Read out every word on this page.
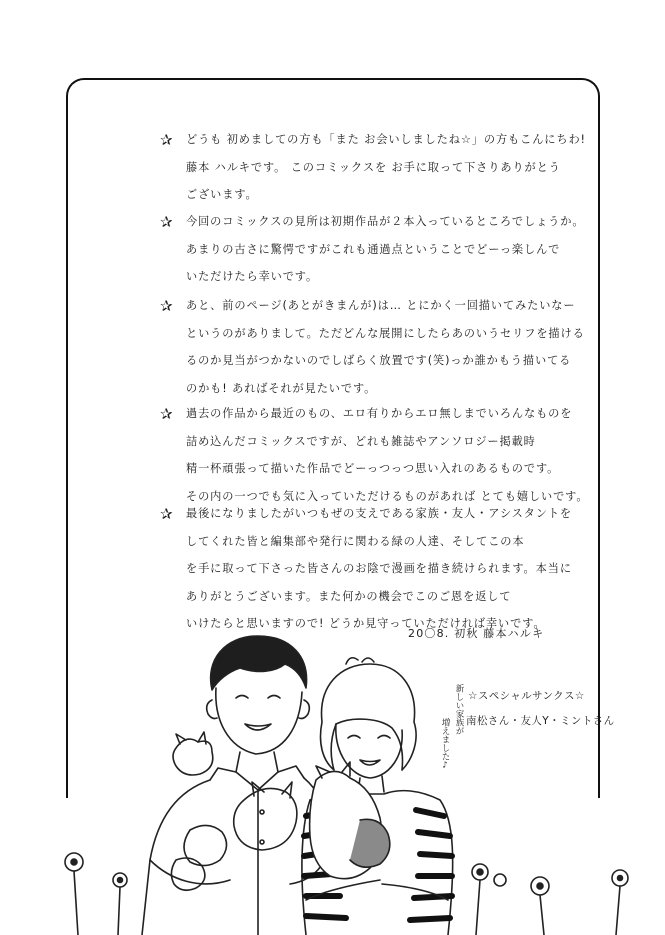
✰ どうも 初めましての方も「また お会いしましたね☆」の方もこんにちわ!
藤本 ハルキです。 このコミックスを お手に取って下さりありがとう
ございます。
✰ 今回のコミックスの見所は初期作品が２本入っているところでしょうか。
あまりの古さに驚愕ですがこれも通過点ということでどーっ楽しんで
いただけたら幸いです。
✰ あと、前のページ(あとがきまんが)は… とにかく一回描いてみたいなー
というのがありまして。ただどんな展開にしたらあのいうセリフを描ける
るのか見当がつかないのでしばらく放置です(笑)っか誰かもう描いてる
のかも! あればそれが見たいです。
✰ 過去の作品から最近のもの、エロ有りからエロ無しまでいろんなものを
詰め込んだコミックスですが、どれも雑誌やアンソロジー掲載時
精一杯頑張って描いた作品でどーっつっつ思い入れのあるものです。
その内の一つでも気に入っていただけるものがあれば とても嬉しいです。
✰ 最後になりましたがいつもぜの支えである家族・友人・アシスタントを
してくれた皆と編集部や発行に関わる緑の人達、そしてこの本
を手に取って下さった皆さんのお陰で漫画を描き続けられます。本当に
ありがとうございます。また何かの機会でこのご恩を返して
いけたらと思いますので! どうか見守っていただければ幸いです。
20〇8. 初秋 藤本ハルキ
新しい家族が
増えました♪
☆スペシャルサンクス☆
南松さん・友人Y・ミントさん
